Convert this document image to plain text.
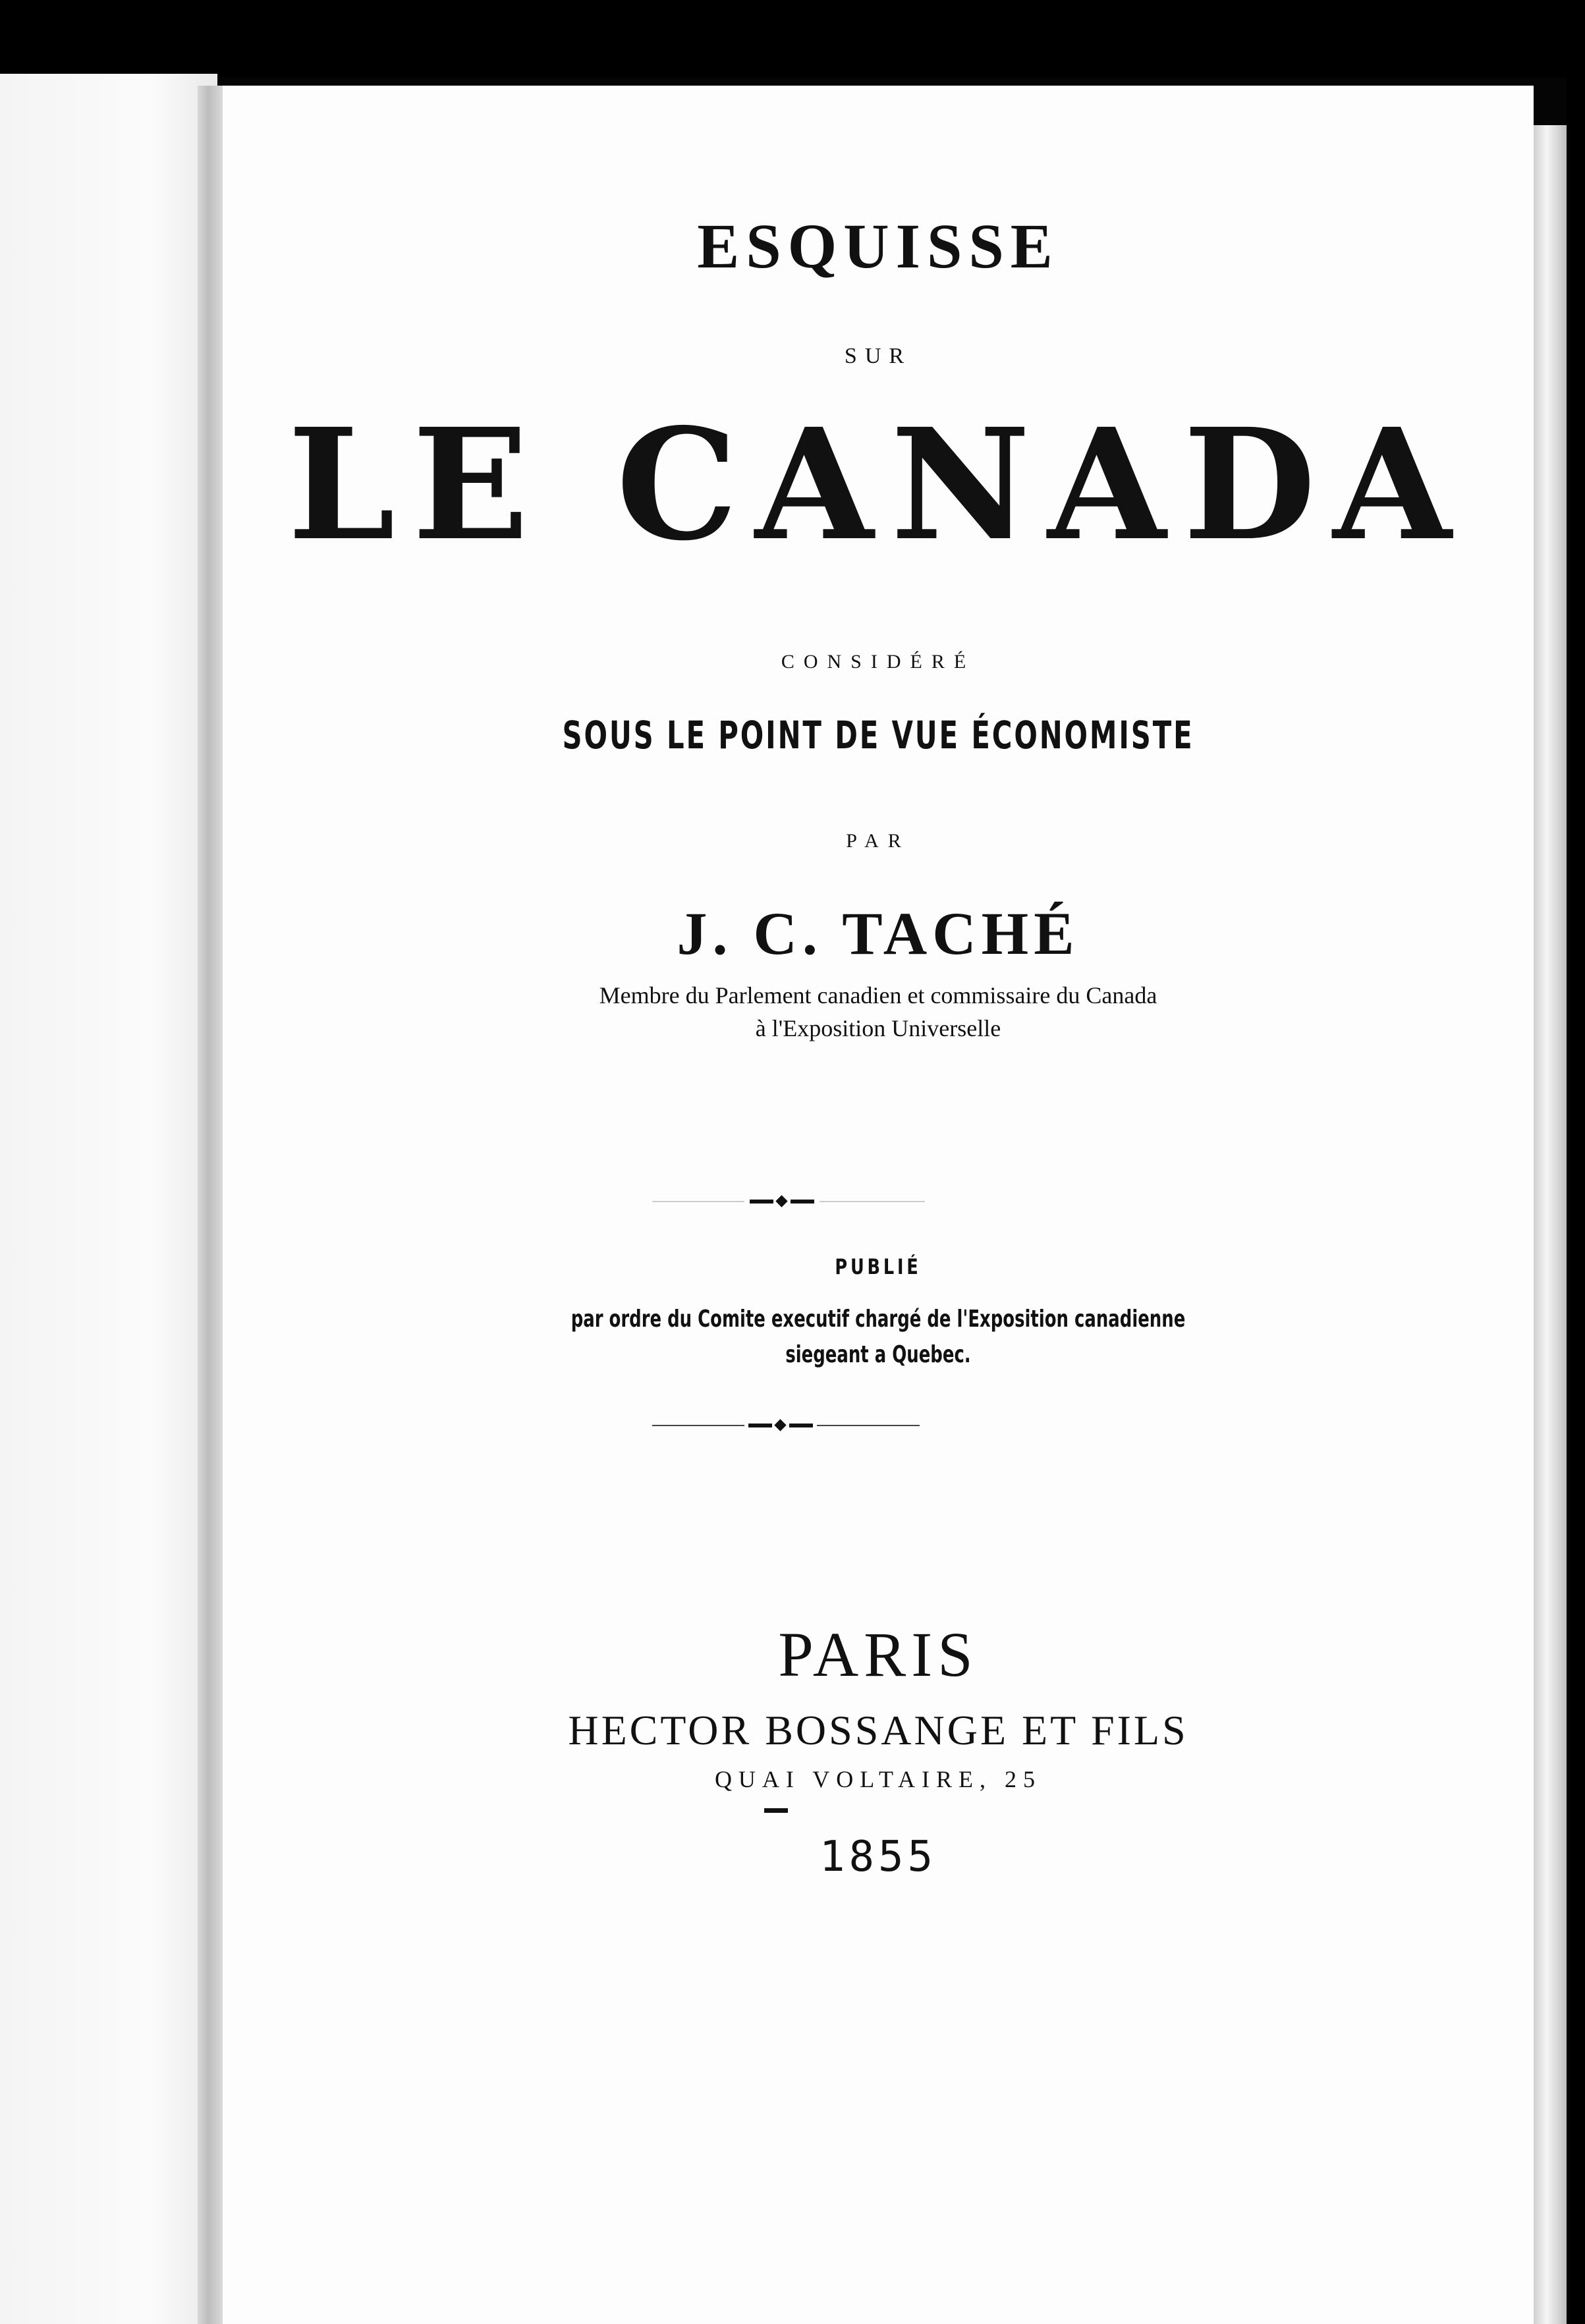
ESQUISSE
SUR
LE CANADA
CONSIDÉRÉ
SOUS LE POINT DE VUE ÉCONOMISTE
PAR
J. C. TACHÉ
Membre du Parlement canadien et commissaire du Canada
à l'Exposition Universelle
PUBLIÉ
par ordre du Comite executif chargé de l'Exposition canadienne
siegeant a Quebec.
PARIS
HECTOR BOSSANGE ET FILS
QUAI VOLTAIRE, 25
1855
